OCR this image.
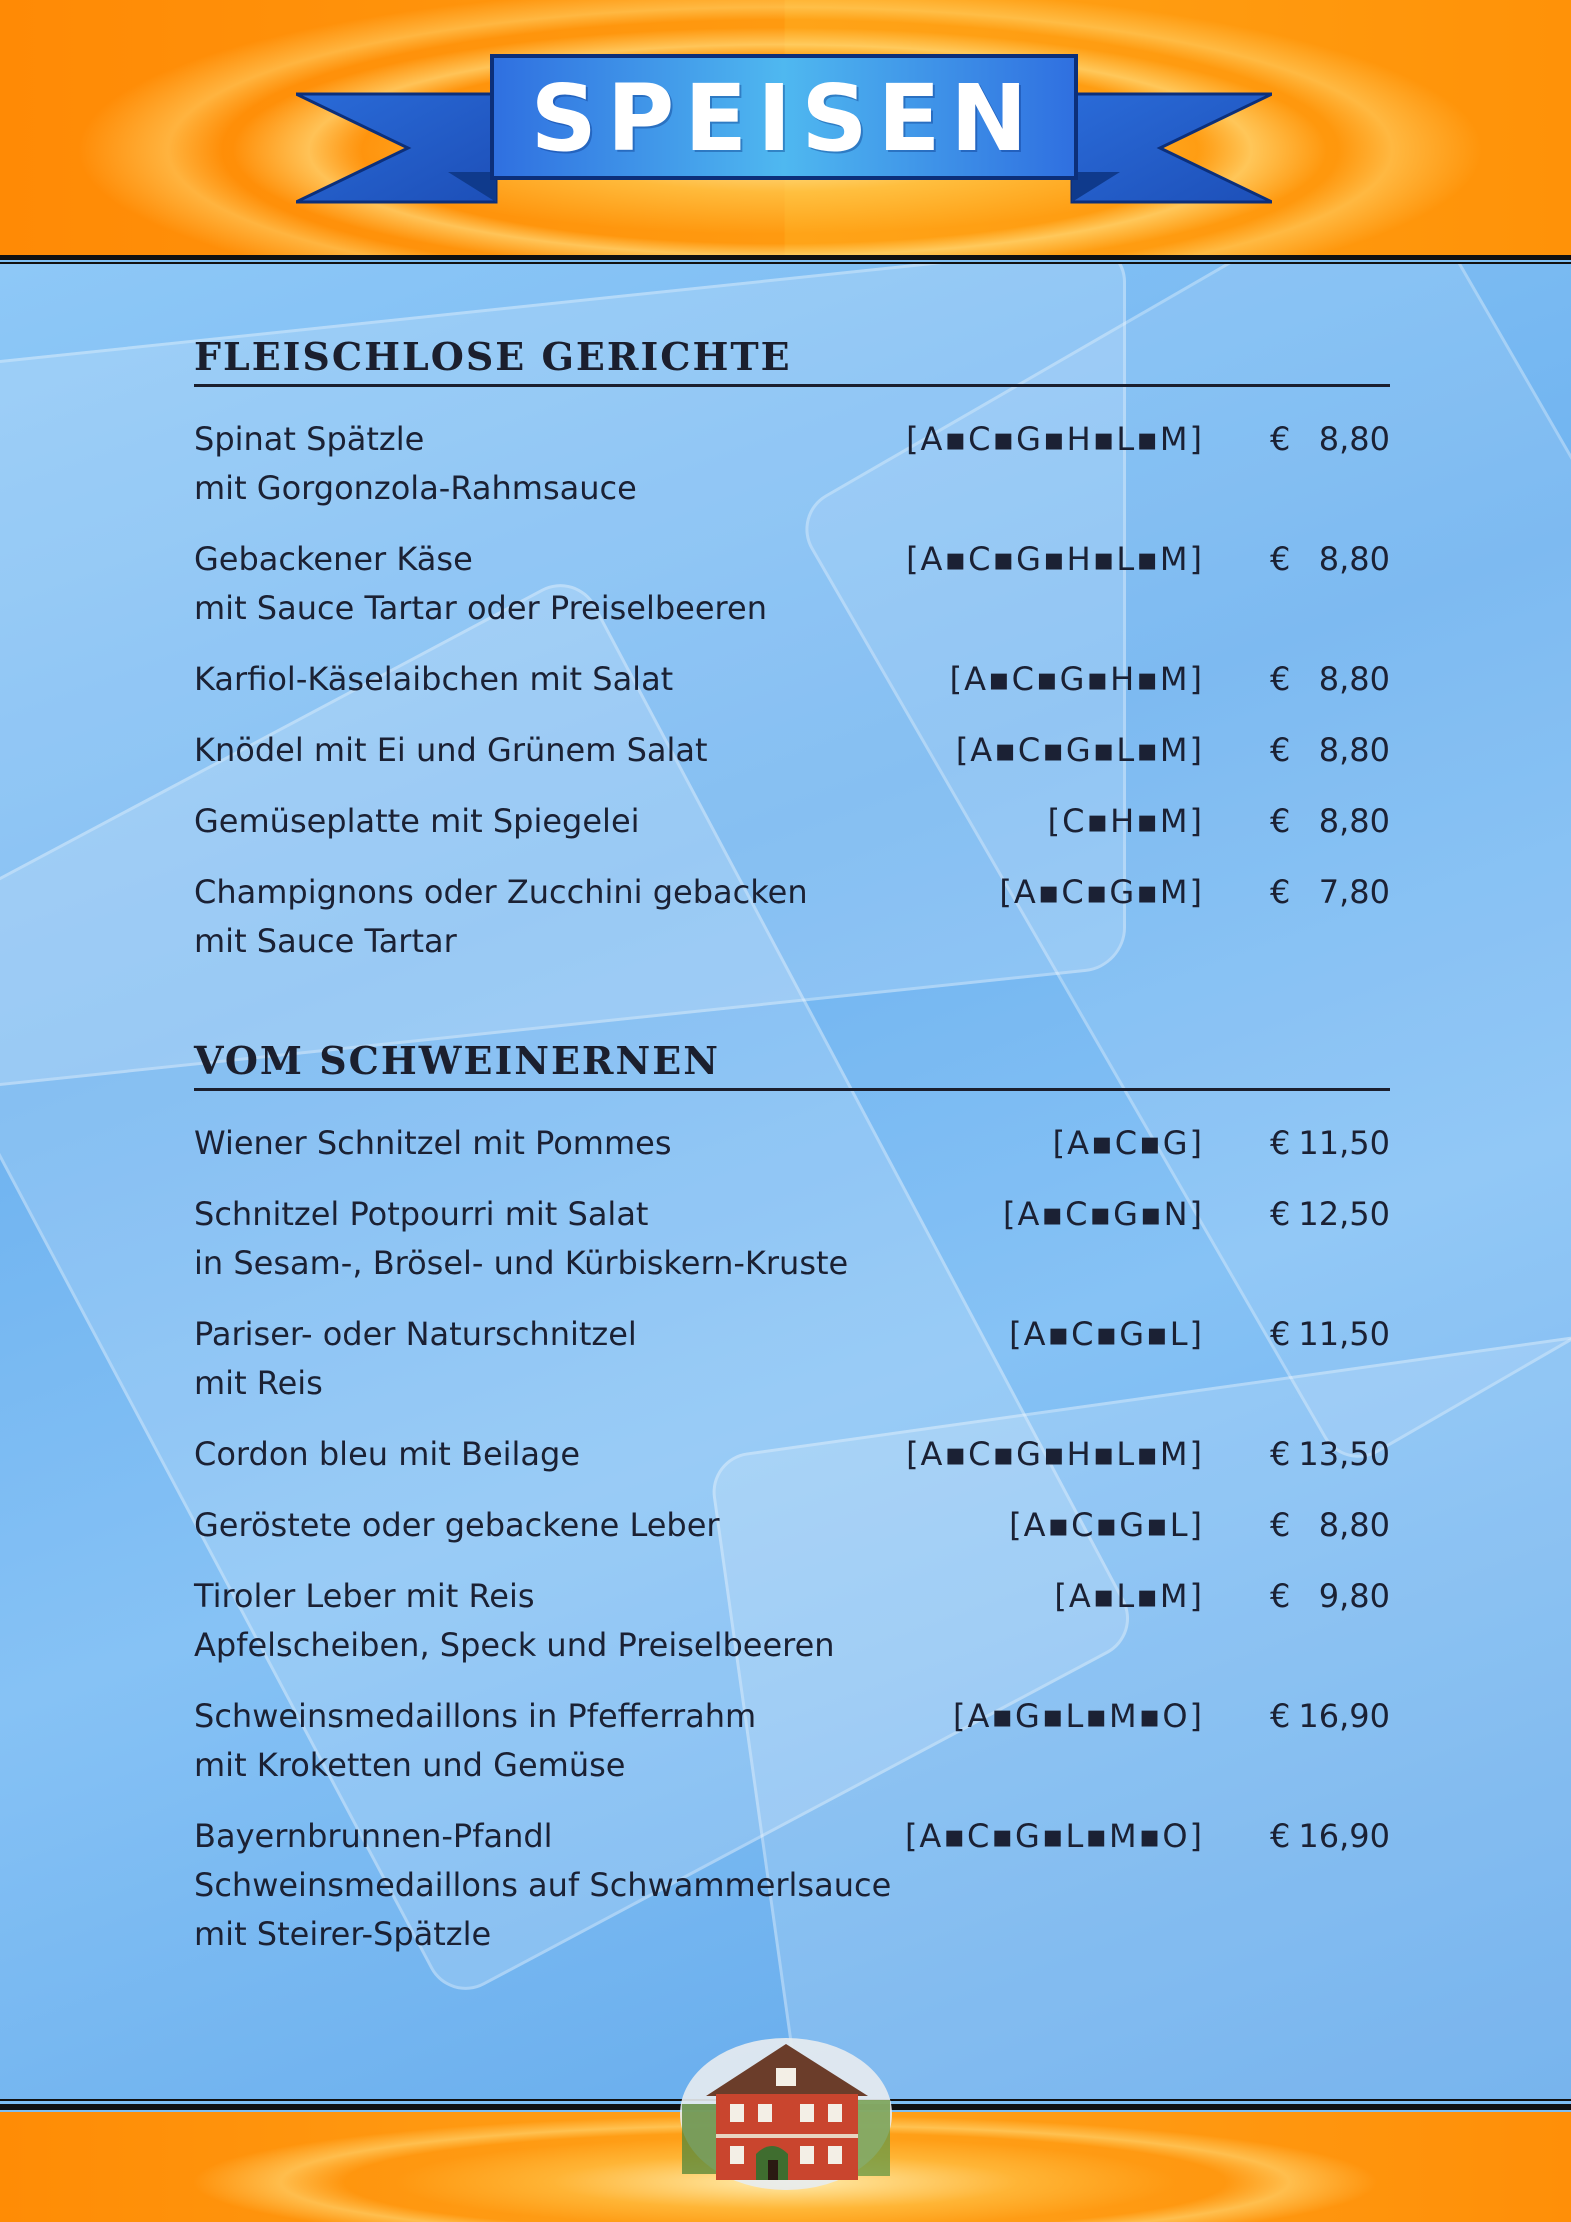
SPEISEN
FLEISCHLOSE GERICHTE
Spinat Spätzle
mit Gorgonzola-Rahmsauce
[A▪C▪G▪H▪L▪M] € 8,80
Gebackener Käse
mit Sauce Tartar oder Preiselbeeren
[A▪C▪G▪H▪L▪M] € 8,80
Karfiol-Käselaibchen mit Salat	[A▪C▪G▪H▪M] € 8,80
Knödel mit Ei und Grünem Salat	[A▪C▪G▪L▪M] € 8,80
Gemüseplatte mit Spiegelei	[C▪H▪M] € 8,80
Champignons oder Zucchini gebacken
mit Sauce Tartar
[A▪C▪G▪M] € 7,80
VOM SCHWEINERNEN
Wiener Schnitzel mit Pommes	[A▪C▪G] € 11,50
Schnitzel Potpourri mit Salat
in Sesam-, Brösel- und Kürbiskern-Kruste
[A▪C▪G▪N] € 12,50
Pariser- oder Naturschnitzel
mit Reis
[A▪C▪G▪L] € 11,50
Cordon bleu mit Beilage	[A▪C▪G▪H▪L▪M] € 13,50
Geröstete oder gebackene Leber	[A▪C▪G▪L] € 8,80
Tiroler Leber mit Reis
Apfelscheiben, Speck und Preiselbeeren
[A▪L▪M] € 9,80
Schweinsmedaillons in Pfefferrahm
mit Kroketten und Gemüse
[A▪G▪L▪M▪O] € 16,90
Bayernbrunnen-Pfandl
Schweinsmedaillons auf Schwammerlsauce
mit Steirer-Spätzle
[A▪C▪G▪L▪M▪O] € 16,90
